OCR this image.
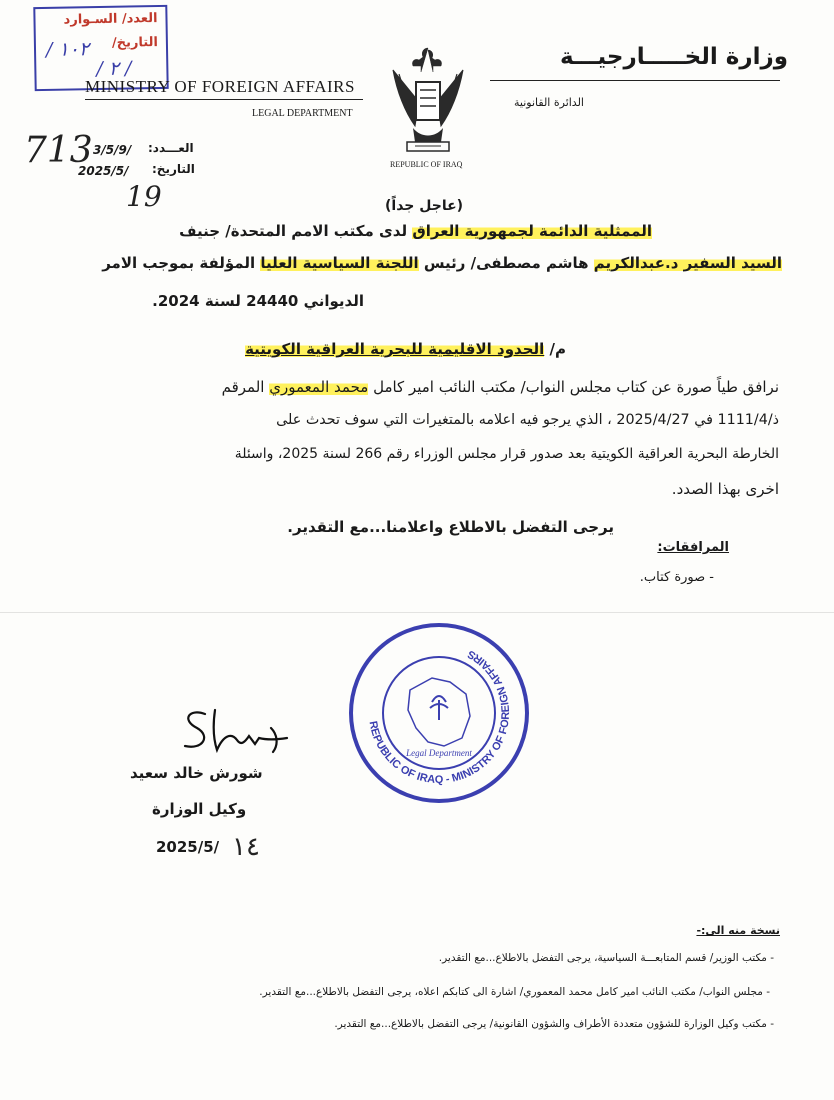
العدد/ السـوارد
التاريخ/
/ ۱۰۲
/ ۲ /
MINISTRY OF FOREIGN AFFAIRS
LEGAL DEPARTMENT
وزارة الخـــــارجيـــة
الدائرة القانونية
REPUBLIC OF IRAQ
713	العـــدد:
3/5/9/
التاريخ:
2025/5/
19	(عاجل جداً)
الممثلية الدائمة لجمهورية العراق لدى مكتب الامم المتحدة/ جنيف
السيد السفير د.عبدالكريم هاشم مصطفى/ رئيس اللجنة السياسية العليا المؤلفة بموجب الامر
الديواني 24440 لسنة 2024.
م/ الحدود الاقليمية للبحرية العراقية الكويتية
نرافق طياً صورة عن كتاب مجلس النواب/ مكتب النائب امير كامل محمد المعموري المرقم
ذ/1111/4 في 2025/4/27 ، الذي يرجو فيه اعلامه بالمتغيرات التي سوف تحدث على
الخارطة البحرية العراقية الكويتية بعد صدور قرار مجلس الوزراء رقم 266 لسنة 2025، واسئلة
اخرى بهذا الصدد.
يرجى التفضل بالاطلاع واعلامنا...مع التقدير.
المرافقات:
- صورة كتاب.
REPUBLIC OF IRAQ - MINISTRY OF FOREIGN AFFAIRS
Legal Department
شورش خالد سعيد
وكيل الوزارة
2025/5/ ١٤
نسخة منه الى:-
- مكتب الوزير/ قسم المتابعـــة السياسية، يرجى التفضل بالاطلاع...مع التقدير.
- مجلس النواب/ مكتب النائب امير كامل محمد المعموري/ اشارة الى كتابكم اعلاه، يرجى التفضل بالاطلاع...مع التقدير.
- مكتب وكيل الوزارة للشؤون متعددة الأطراف والشؤون القانونية/ يرجى التفضل بالاطلاع...مع التقدير.
